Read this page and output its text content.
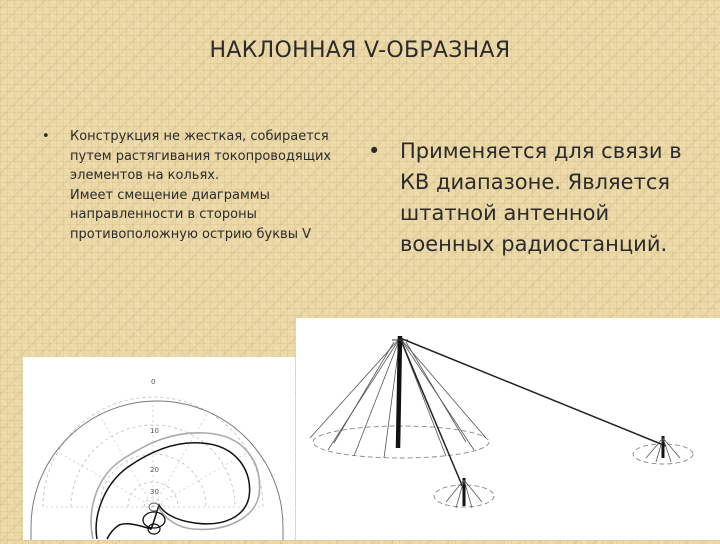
НАКЛОННАЯ V-ОБРАЗНАЯ
• Конструкция не жесткая, собирается путем растягивания токопроводящих элементов на кольях.

Имеет смещение диаграммы направленности в стороны противоположную острию буквы V

• Применяется для связи в КВ диапазоне. Является штатной антенной военных радиостанций.
0
10
20
30
